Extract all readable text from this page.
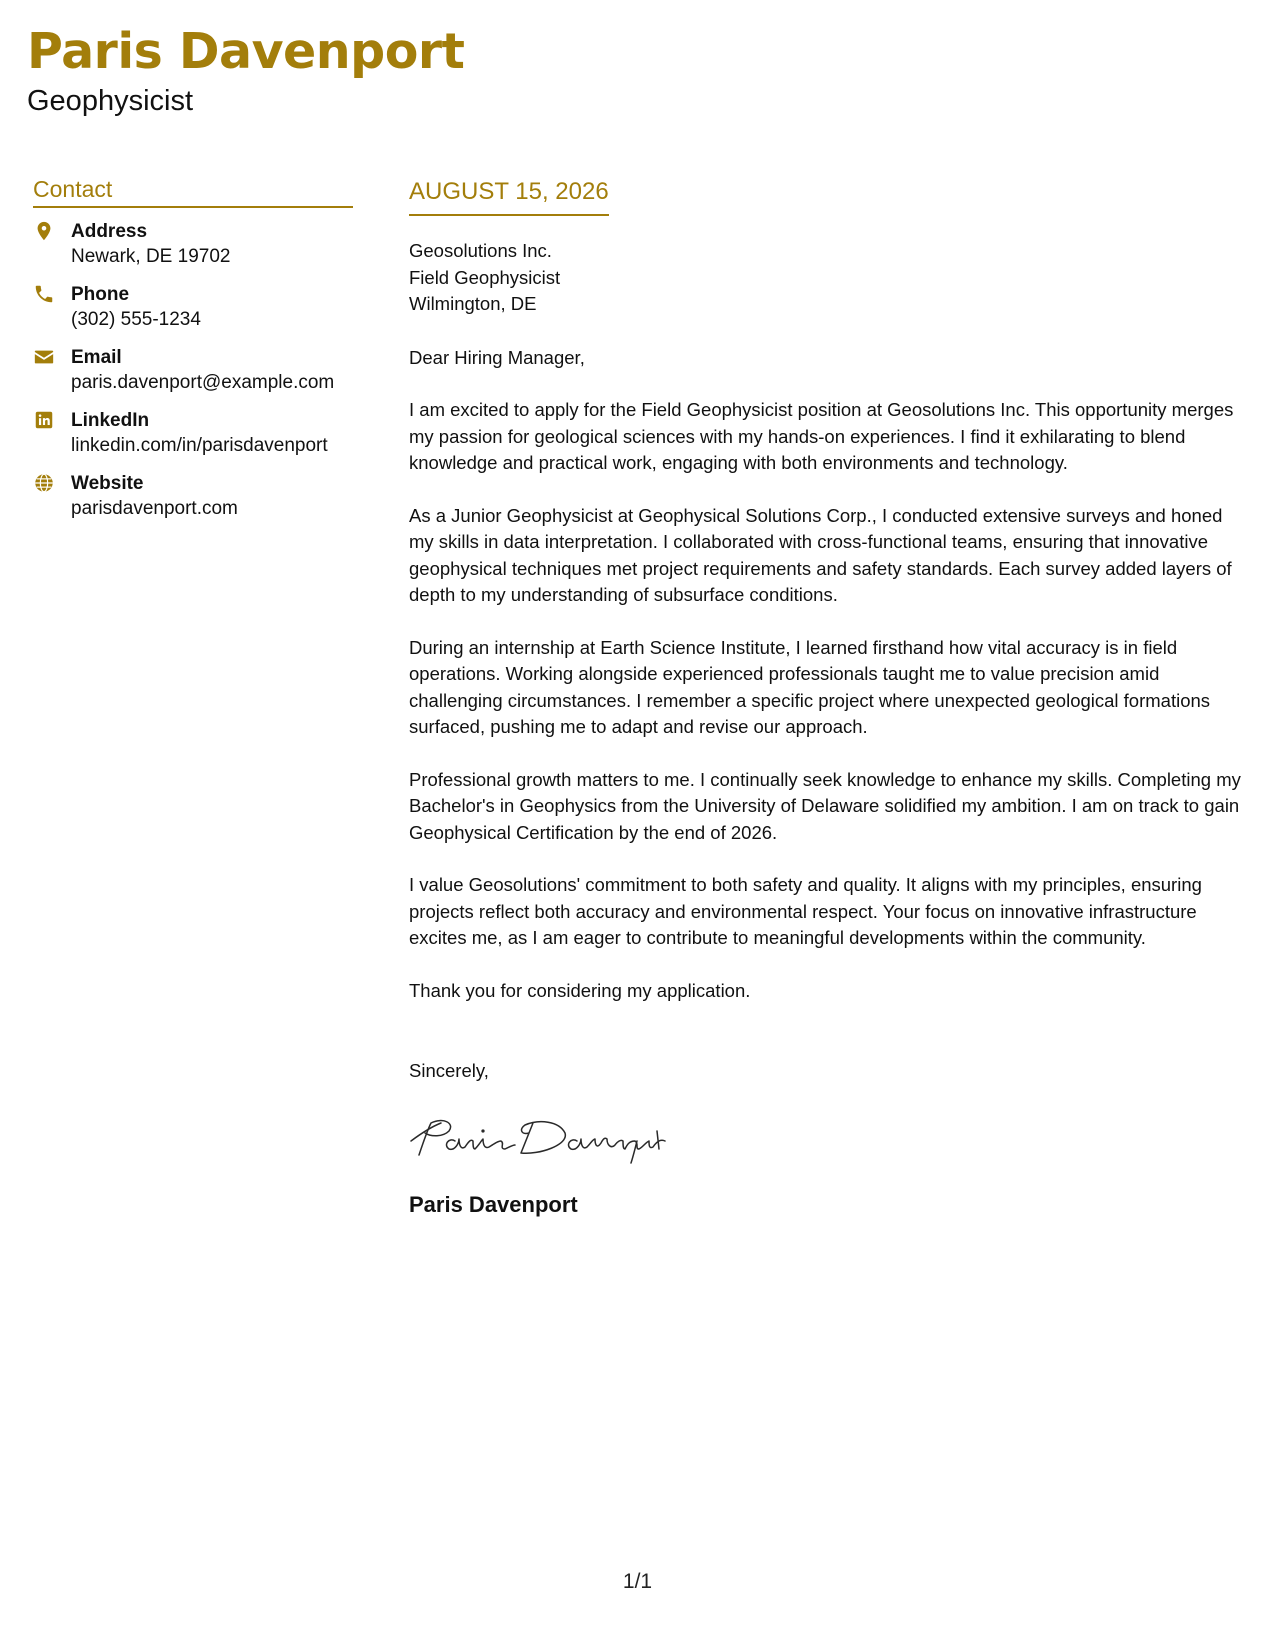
Paris Davenport
Geophysicist
Contact
Address
Newark, DE 19702
Phone
(302) 555-1234
Email
paris.davenport@example.com
LinkedIn
linkedin.com/in/parisdavenport
Website
parisdavenport.com
AUGUST 15, 2026
Geosolutions Inc.
Field Geophysicist
Wilmington, DE

Dear Hiring Manager,

I am excited to apply for the Field Geophysicist position at Geosolutions Inc. This opportunity merges my passion for geological sciences with my hands-on experiences. I find it exhilarating to blend knowledge and practical work, engaging with both environments and technology.

As a Junior Geophysicist at Geophysical Solutions Corp., I conducted extensive surveys and honed my skills in data interpretation. I collaborated with cross-functional teams, ensuring that innovative geophysical techniques met project requirements and safety standards. Each survey added layers of depth to my understanding of subsurface conditions.

During an internship at Earth Science Institute, I learned firsthand how vital accuracy is in field operations. Working alongside experienced professionals taught me to value precision amid challenging circumstances. I remember a specific project where unexpected geological formations surfaced, pushing me to adapt and revise our approach.

Professional growth matters to me. I continually seek knowledge to enhance my skills. Completing my Bachelor's in Geophysics from the University of Delaware solidified my ambition. I am on track to gain Geophysical Certification by the end of 2026.

I value Geosolutions' commitment to both safety and quality. It aligns with my principles, ensuring projects reflect both accuracy and environmental respect. Your focus on innovative infrastructure excites me, as I am eager to contribute to meaningful developments within the community.

Thank you for considering my application.

Sincerely,

Paris Davenport

1/1
